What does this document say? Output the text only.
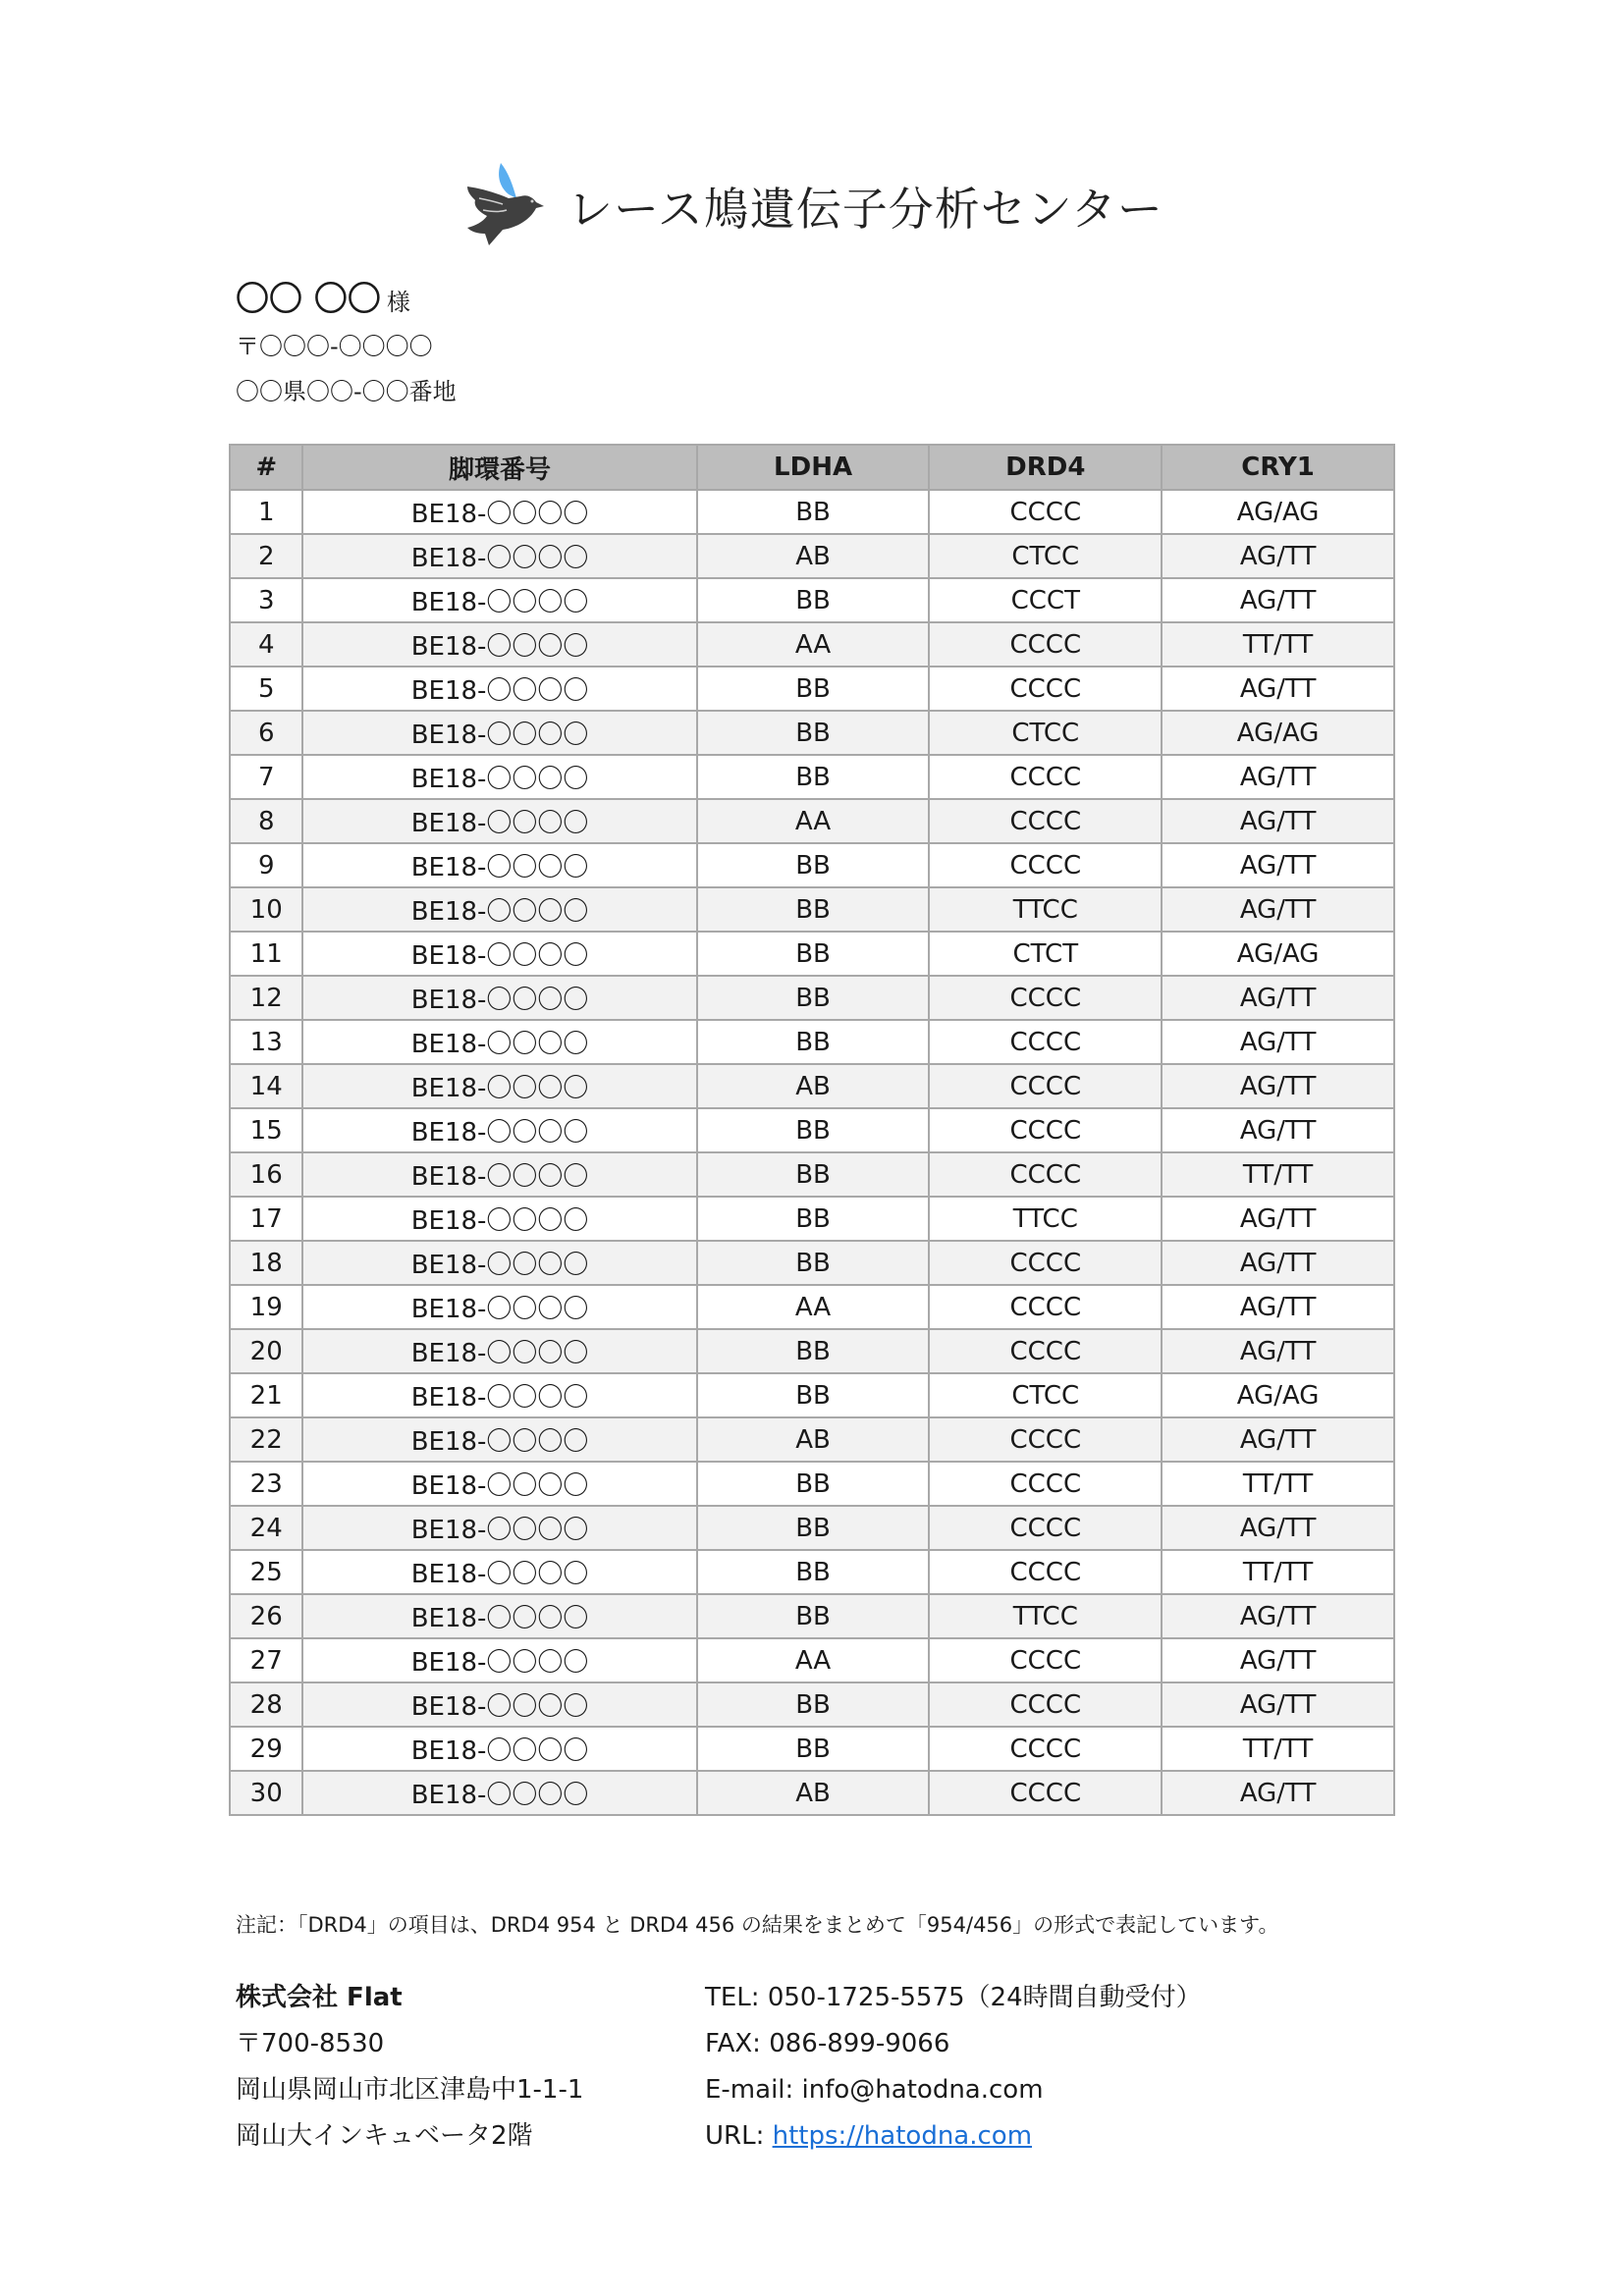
レース鳩遺伝子分析センター
〇〇 〇〇 様
〒〇〇〇-〇〇〇〇
〇〇県〇〇-〇〇番地
#	脚環番号	LDHA	DRD4	CRY1
1	BE18-〇〇〇〇	BB	CCCC	AG/AG
2	BE18-〇〇〇〇	AB	CTCC	AG/TT
3	BE18-〇〇〇〇	BB	CCCT	AG/TT
4	BE18-〇〇〇〇	AA	CCCC	TT/TT
5	BE18-〇〇〇〇	BB	CCCC	AG/TT
6	BE18-〇〇〇〇	BB	CTCC	AG/AG
7	BE18-〇〇〇〇	BB	CCCC	AG/TT
8	BE18-〇〇〇〇	AA	CCCC	AG/TT
9	BE18-〇〇〇〇	BB	CCCC	AG/TT
10	BE18-〇〇〇〇	BB	TTCC	AG/TT
11	BE18-〇〇〇〇	BB	CTCT	AG/AG
12	BE18-〇〇〇〇	BB	CCCC	AG/TT
13	BE18-〇〇〇〇	BB	CCCC	AG/TT
14	BE18-〇〇〇〇	AB	CCCC	AG/TT
15	BE18-〇〇〇〇	BB	CCCC	AG/TT
16	BE18-〇〇〇〇	BB	CCCC	TT/TT
17	BE18-〇〇〇〇	BB	TTCC	AG/TT
18	BE18-〇〇〇〇	BB	CCCC	AG/TT
19	BE18-〇〇〇〇	AA	CCCC	AG/TT
20	BE18-〇〇〇〇	BB	CCCC	AG/TT
21	BE18-〇〇〇〇	BB	CTCC	AG/AG
22	BE18-〇〇〇〇	AB	CCCC	AG/TT
23	BE18-〇〇〇〇	BB	CCCC	TT/TT
24	BE18-〇〇〇〇	BB	CCCC	AG/TT
25	BE18-〇〇〇〇	BB	CCCC	TT/TT
26	BE18-〇〇〇〇	BB	TTCC	AG/TT
27	BE18-〇〇〇〇	AA	CCCC	AG/TT
28	BE18-〇〇〇〇	BB	CCCC	AG/TT
29	BE18-〇〇〇〇	BB	CCCC	TT/TT
30	BE18-〇〇〇〇	AB	CCCC	AG/TT
注記：「DRD4」の項目は、DRD4 954 と DRD4 456 の結果をまとめて「954/456」の形式で表記しています。
株式会社 Flat
〒700-8530
岡山県岡山市北区津島中1-1-1
岡山大インキュベータ2階
TEL: 050-1725-5575（24時間自動受付）
FAX: 086-899-9066
E-mail: info@hatodna.com
URL: https://hatodna.com
